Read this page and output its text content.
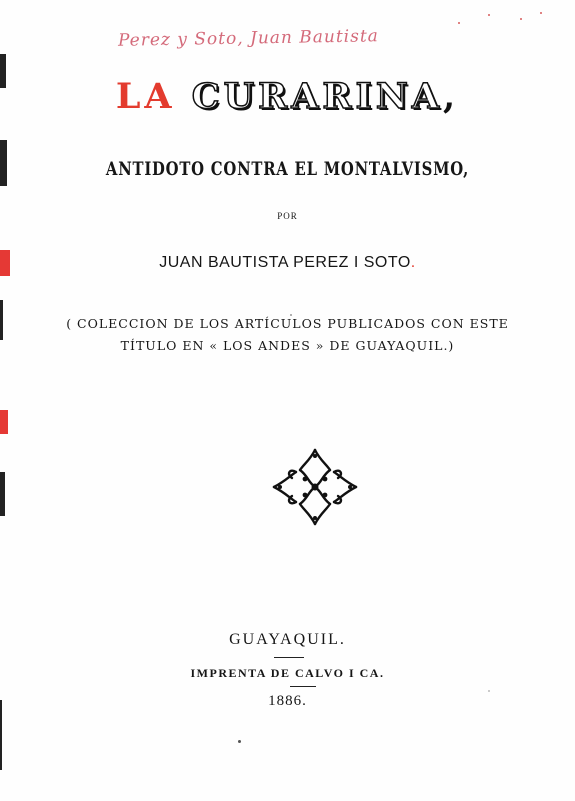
Perez y Soto, Juan Bautista
LA CURARINA,
ANTIDOTO CONTRA EL MONTALVISMO,
POR
JUAN BAUTISTA PEREZ I SOTO.
( COLECCION DE LOS ARTÍCULOS PUBLICADOS CON ESTE
TÍTULO EN « LOS ANDES » DE GUAYAQUIL.)
GUAYAQUIL.
IMPRENTA DE CALVO I CA.
1886.
